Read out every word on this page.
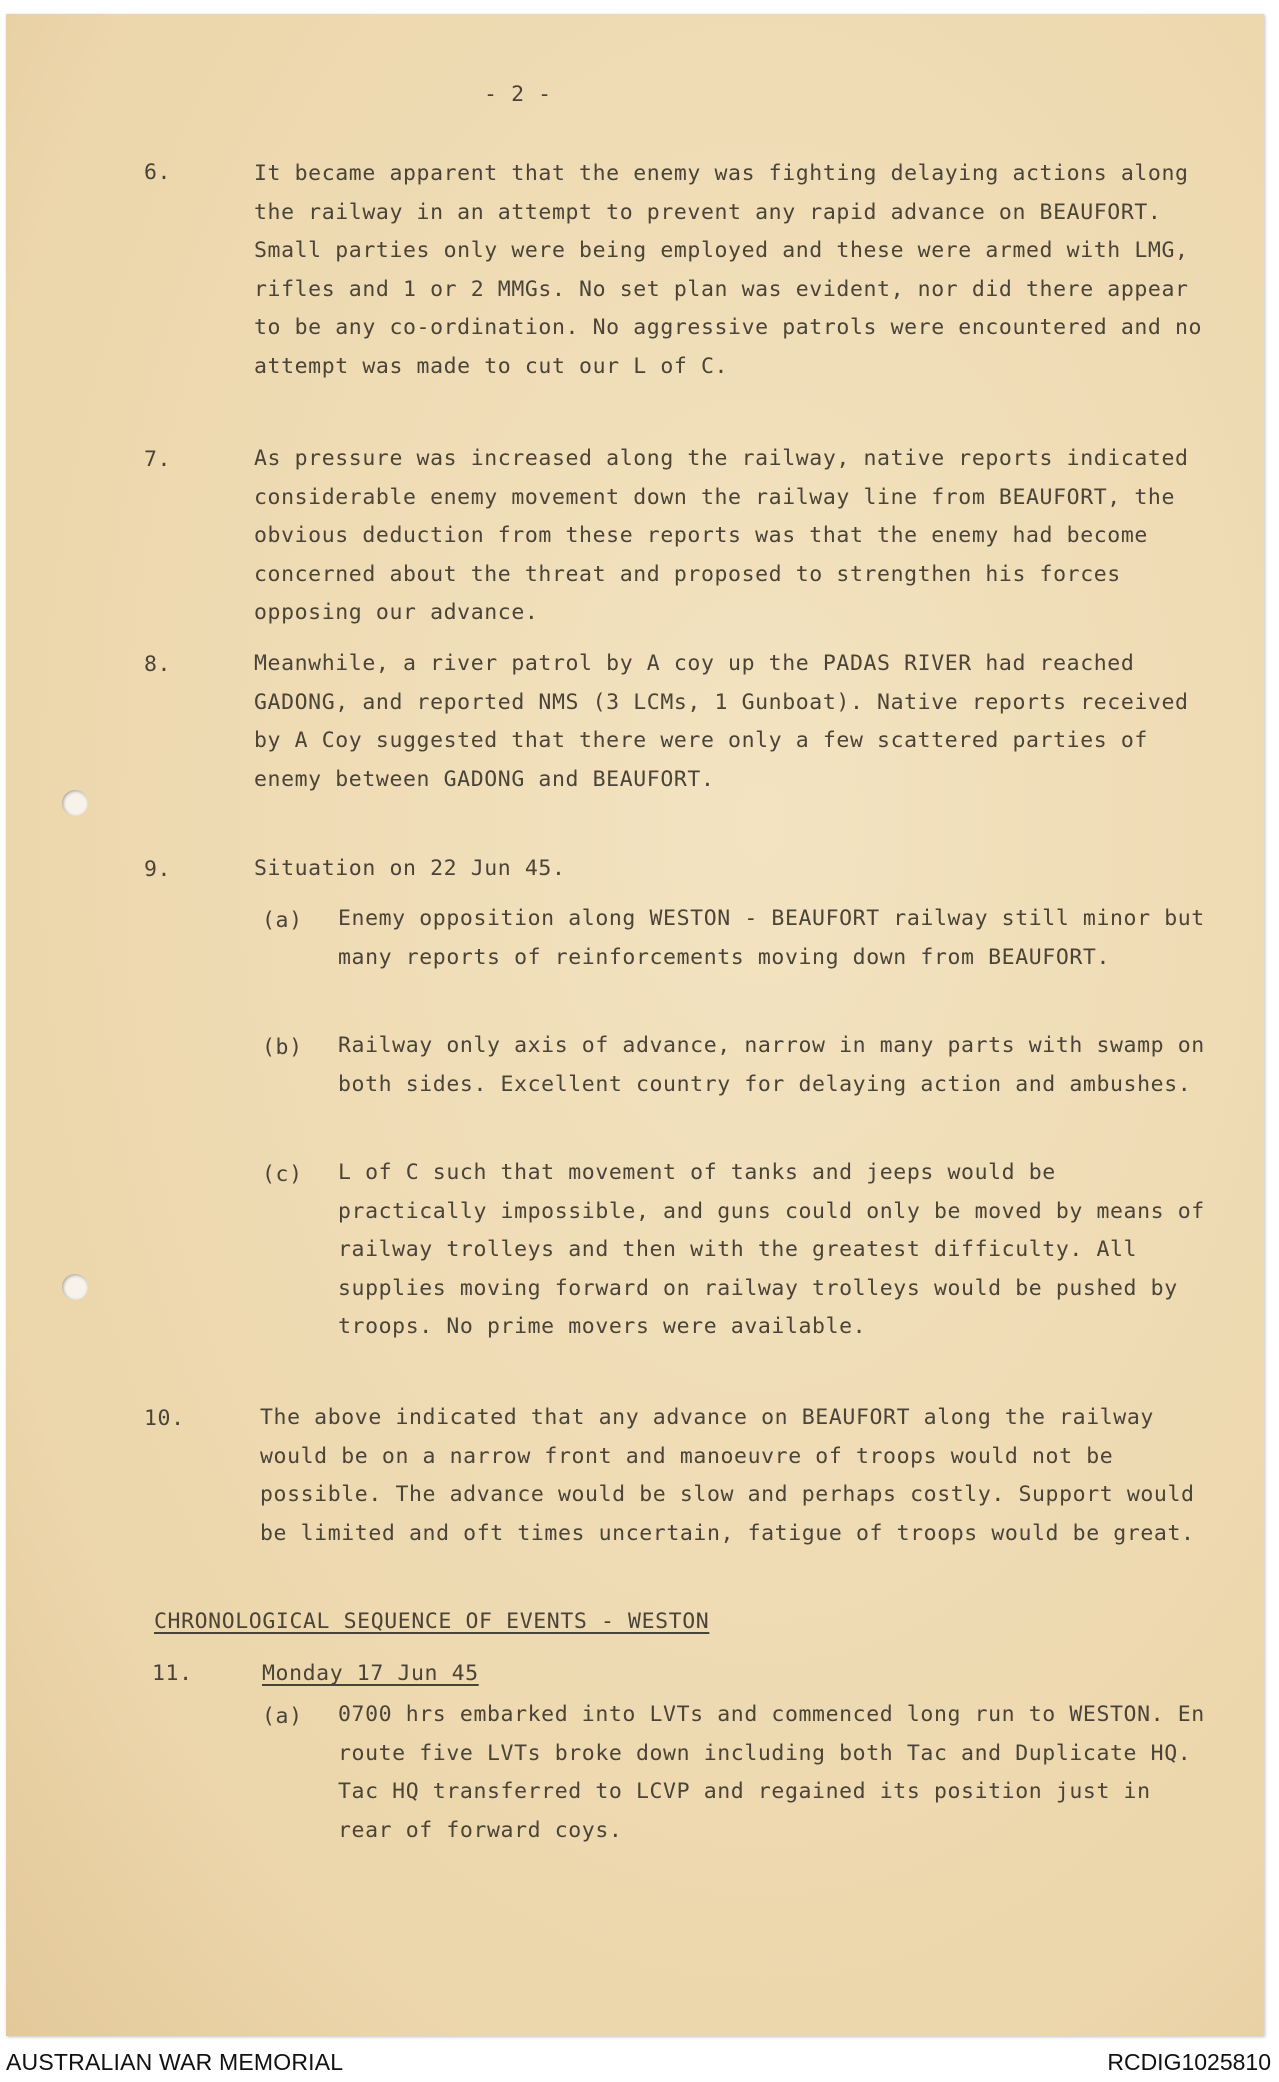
- 2 -
6.	It became apparent that the enemy was fighting delaying actions along the railway in an attempt to prevent any rapid advance on BEAUFORT. Small parties only were being employed and these were armed with LMG, rifles and 1 or 2 MMGs. No set plan was evident, nor did there appear to be any co-ordination. No aggressive patrols were encountered and no attempt was made to cut our L of C.

7.	As pressure was increased along the railway, native reports indicated considerable enemy movement down the railway line from BEAUFORT, the obvious deduction from these reports was that the enemy had become concerned about the threat and proposed to strengthen his forces opposing our advance.

8.	Meanwhile, a river patrol by A coy up the PADAS RIVER had reached GADONG, and reported NMS (3 LCMs, 1 Gunboat). Native reports received by A Coy suggested that there were only a few scattered parties of enemy between GADONG and BEAUFORT.

9.	Situation on 22 Jun 45.

(a) Enemy opposition along WESTON - BEAUFORT railway still minor but many reports of reinforcements moving down from BEAUFORT.

(b) Railway only axis of advance, narrow in many parts with swamp on both sides. Excellent country for delaying action and ambushes.

(c) L of C such that movement of tanks and jeeps would be practically impossible, and guns could only be moved by means of railway trolleys and then with the greatest difficulty. All supplies moving forward on railway trolleys would be pushed by troops. No prime movers were available.

10.	The above indicated that any advance on BEAUFORT along the railway would be on a narrow front and manoeuvre of troops would not be possible. The advance would be slow and perhaps costly. Support would be limited and oft times uncertain, fatigue of troops would be great.

CHRONOLOGICAL SEQUENCE OF EVENTS - WESTON
11.	Monday 17 Jun 45
(a) 0700 hrs embarked into LVTs and commenced long run to WESTON. En route five LVTs broke down including both Tac and Duplicate HQ. Tac HQ transferred to LCVP and regained its position just in rear of forward coys.

AUSTRALIAN WAR MEMORIAL	RCDIG1025810
